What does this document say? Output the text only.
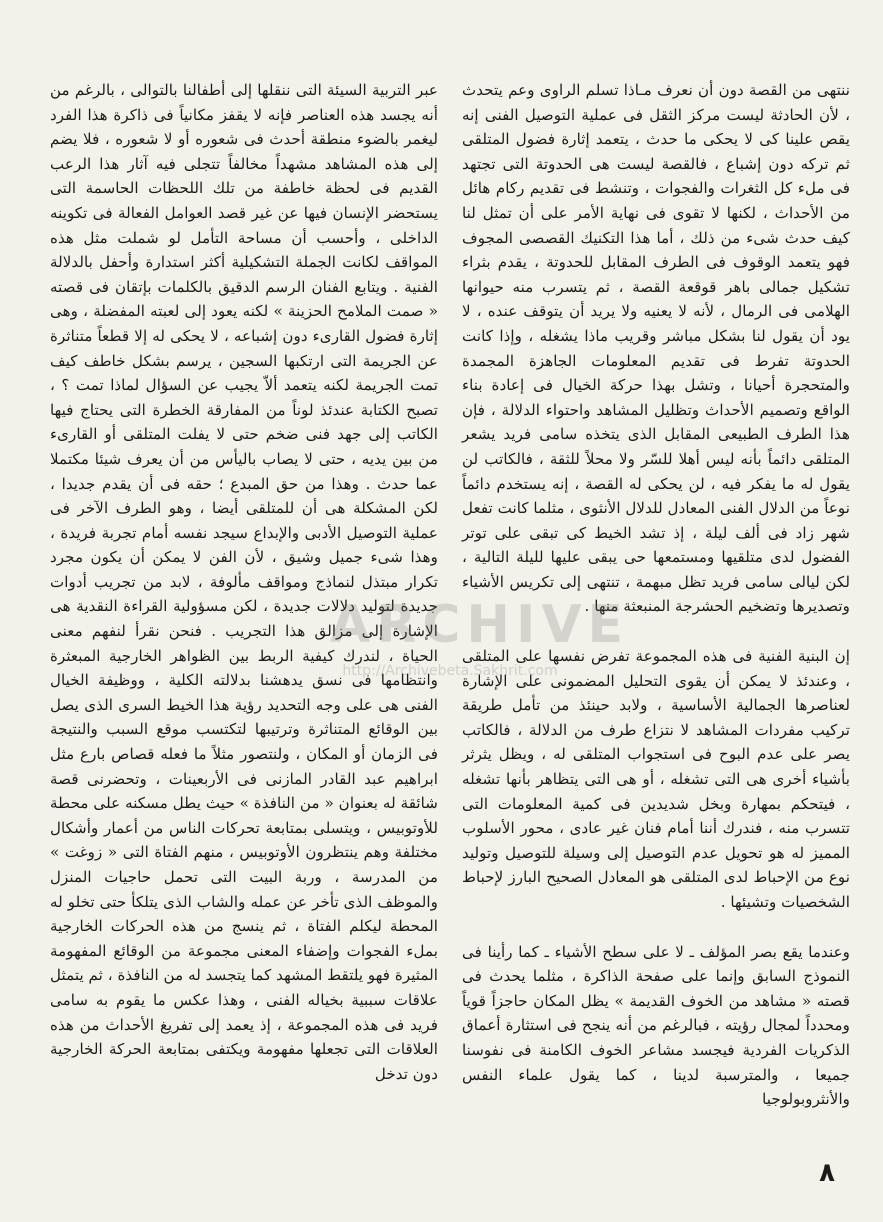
ننتهى من القصة دون أن نعرف مـاذا تسلم الراوى وعم يتحدث ، لأن الحادثة ليست مركز الثقل فى عملية التوصيل الفنى إنه يقص علينا كى لا يحكى ما حدث ، يتعمد إثارة فضول المتلقى ثم تركه دون إشباع ، فالقصة ليست هى الحدوتة التى تجتهد فى ملء كل الثغرات والفجوات ، وتنشط فى تقديم ركام هائل من الأحداث ، لكنها لا تقوى فى نهاية الأمر على أن تمثل لنا كيف حدث شىء من ذلك ، أما هذا التكنيك القصصى المجوف فهو يتعمد الوقوف فى الطرف المقابل للحدوتة ، يقدم بثراء تشكيل جمالى باهر قوقعة القصة ، ثم يتسرب منه حيوانها الهلامى فى الرمال ، لأنه لا يعنيه ولا يريد أن يتوقف عنده ، لا يود أن يقول لنا بشكل مباشر وقريب ماذا يشغله ، وإذا كانت الحدوتة تفرط فى تقديم المعلومات الجاهزة المجمدة والمتحجرة أحيانا ، وتشل بهذا حركة الخيال فى إعادة بناء الواقع وتصميم الأحداث وتظليل المشاهد واحتواء الدلالة ، فإن هذا الطرف الطبيعى المقابل الذى يتخذه سامى فريد يشعر المتلقى دائماً بأنه ليس أهلا للسّر ولا محلاً للثقة ، فالكاتب لن يقول له ما يفكر فيه ، لن يحكى له القصة ، إنه يستخدم دائماً نوعاً من الدلال الفنى المعادل للدلال الأنثوى ، مثلما كانت تفعل شهر زاد فى ألف ليلة ، إذ تشد الخيط كى تبقى على توتر الفضول لدى متلقيها ومستمعها حى يبقى عليها لليلة التالية ، لكن ليالى سامى فريد تظل مبهمة ، تنتهى إلى تكريس الأشياء وتصديرها وتضخيم الحشرجة المنبعثة منها .

إن البنية الفنية فى هذه المجموعة تفرض نفسها على المتلقى ، وعندئذ لا يمكن أن يقوى التحليل المضمونى على الإشارة لعناصرها الجمالية الأساسية ، ولابد حينئذ من تأمل طريقة تركيب مفردات المشاهد لا نتزاع طرف من الدلالة ، فالكاتب يصر على عدم البوح فى استجواب المتلقى له ، ويظل يثرثر بأشياء أخرى هى التى تشغله ، أو هى التى يتظاهر بأنها تشغله ، فيتحكم بمهارة وبخل شديدين فى كمية المعلومات التى تتسرب منه ، فندرك أننا أمام فنان غير عادى ، محور الأسلوب المميز له هو تحويل عدم التوصيل إلى وسيلة للتوصيل وتوليد نوع من الإحباط لدى المتلقى هو المعادل الصحيح البارز لإحباط الشخصيات وتشيئها .

وعندما يقع بصر المؤلف ـ لا على سطح الأشياء ـ كما رأينا فى النموذج السابق وإنما على صفحة الذاكرة ، مثلما يحدث فى قصته « مشاهد من الخوف القديمة » يظل المكان حاجزاً قوياً ومحدداً لمجال رؤيته ، فبالرغم من أنه ينجح فى استثارة أعماق الذكريات الفردية فيجسد مشاعر الخوف الكامنة فى نفوسنا جميعا ، والمترسبة لدينا ، كما يقول علماء النفس والأنثروبولوجيا

عبر التربية السيئة التى ننقلها إلى أطفالنا بالتوالى ، بالرغم من أنه يجسد هذه العناصر فإنه لا يقفز مكانياً فى ذاكرة هذا الفرد ليغمر بالضوء منطقة أحدث فى شعوره أو لا شعوره ، فلا يضم إلى هذه المشاهد مشهداً مخالفاً تتجلى فيه آثار هذا الرعب القديم فى لحظة خاطفة من تلك اللحظات الحاسمة التى يستحضر الإنسان فيها عن غير قصد العوامل الفعالة فى تكوينه الداخلى ، وأحسب أن مساحة التأمل لو شملت مثل هذه المواقف لكانت الجملة التشكيلية أكثر استدارة وأحفل بالدلالة الفنية . ويتابع الفنان الرسم الدقيق بالكلمات بإتقان فى قصته « صمت الملامح الحزينة » لكنه يعود إلى لعبته المفضلة ، وهى إثارة فضول القارىء دون إشباعه ، لا يحكى له إلا قطعاً متناثرة عن الجريمة التى ارتكبها السجين ، يرسم بشكل خاطف كيف تمت الجريمة لكنه يتعمد ألاّ يجيب عن السؤال لماذا تمت ؟ ، تصبح الكتابة عندئذ لوناً من المفارقة الخطرة التى يحتاج فيها الكاتب إلى جهد فنى ضخم حتى لا يفلت المتلقى أو القارىء من بين يديه ، حتى لا يصاب باليأس من أن يعرف شيئا مكتملا عما حدث . وهذا من حق المبدع ؛ حقه فى أن يقدم جديدا ، لكن المشكلة هى أن للمتلقى أيضا ، وهو الطرف الآخر فى عملية التوصيل الأدبى والإبداع سيجد نفسه أمام تجربة فريدة ، وهذا شىء جميل وشيق ، لأن الفن لا يمكن أن يكون مجرد تكرار مبتذل لنماذج ومواقف مألوفة ، لابد من تجريب أدوات جديدة لتوليد دلالات جديدة ، لكن مسؤولية القراءة النقدية هى الإشارة إلى مزالق هذا التجريب . فنحن نقرأ لنفهم معنى الحياة ، لندرك كيفية الربط بين الظواهر الخارجية المبعثرة وانتظامها فى نسق يدهشنا بدلالته الكلية ، ووظيفة الخيال الفنى هى على وجه التحديد رؤية هذا الخيط السرى الذى يصل بين الوقائع المتناثرة وترتيبها لتكتسب موقع السبب والنتيجة فى الزمان أو المكان ، ولنتصور مثلاً ما فعله قصاص بارع مثل ابراهيم عبد القادر المازنى فى الأربعينات ، وتحضرنى قصة شائقة له بعنوان « من النافذة » حيث يطل مسكنه على محطة للأوتوبيس ، ويتسلى بمتابعة تحركات الناس من أعمار وأشكال مختلفة وهم ينتظرون الأوتوبيس ، منهم الفتاة التى « زوغت » من المدرسة ، وربة البيت التى تحمل حاجيات المنزل والموظف الذى تأخر عن عمله والشاب الذى يتلكأ حتى تخلو له المحطة ليكلم الفتاة ، ثم ينسج من هذه الحركات الخارجية بملء الفجوات وإضفاء المعنى مجموعة من الوقائع المفهومة المثيرة فهو يلتقط المشهد كما يتجسد له من النافذة ، ثم يتمثل علاقات سببية بخياله الفنى ، وهذا عكس ما يقوم به سامى فريد فى هذه المجموعة ، إذ يعمد إلى تفريغ الأحداث من هذه العلاقات التى تجعلها مفهومة ويكتفى بمتابعة الحركة الخارجية دون تدخل

ARCHIVE
http://Archivebeta.Sakhrit.com
٨
